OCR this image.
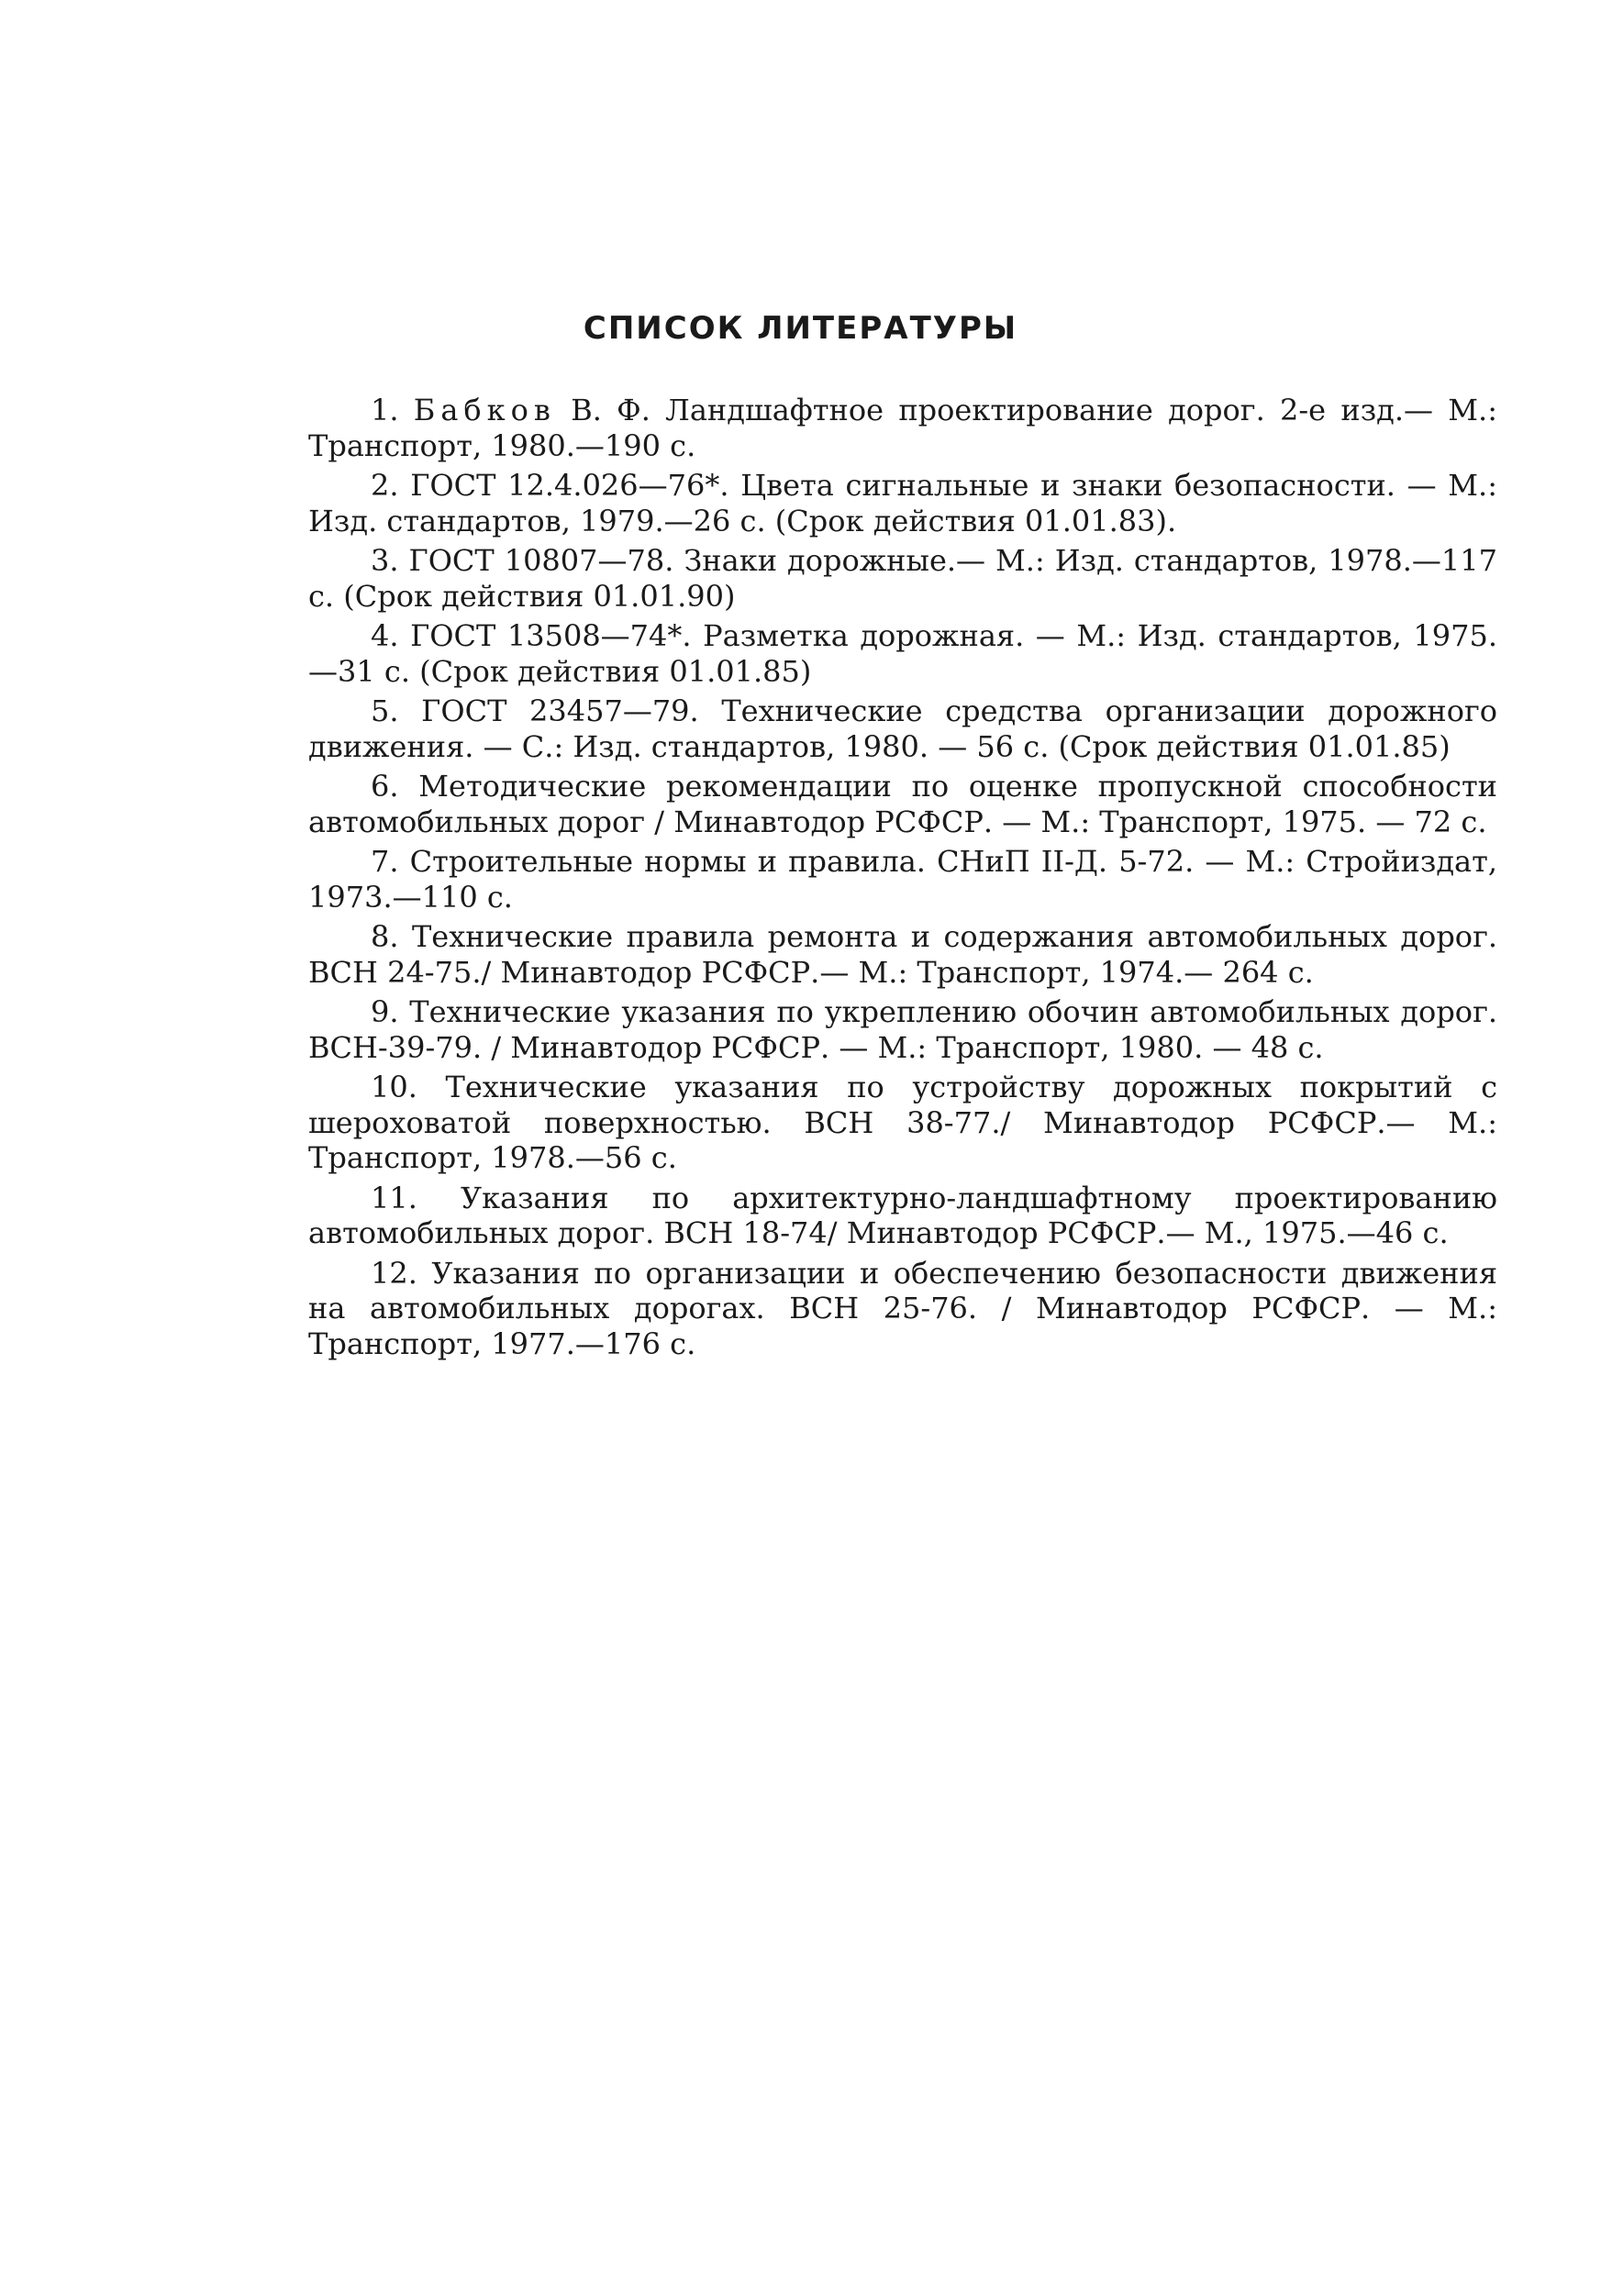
СПИСОК ЛИТЕРАТУРЫ
1. Бабков В. Ф. Ландшафтное проектирование дорог. 2-е изд.— М.: Транспорт, 1980.—190 с.
2. ГОСТ 12.4.026—76*. Цвета сигнальные и знаки безопасности. — М.: Изд. стандартов, 1979.—26 с. (Срок действия 01.01.83).
3. ГОСТ 10807—78. Знаки дорожные.— М.: Изд. стандартов, 1978.—117 с. (Срок действия 01.01.90)
4. ГОСТ 13508—74*. Разметка дорожная. — М.: Изд. стандартов, 1975. —31 с. (Срок действия 01.01.85)
5. ГОСТ 23457—79. Технические средства организации дорожного движения. — С.: Изд. стандартов, 1980. — 56 с. (Срок действия 01.01.85)
6. Методические рекомендации по оценке пропускной способности автомобильных дорог / Минавтодор РСФСР. — М.: Транспорт, 1975. — 72 с.
7. Строительные нормы и правила. СНиП II-Д. 5-72. — М.: Стройиздат, 1973.—110 с.
8. Технические правила ремонта и содержания автомобильных дорог. ВСН 24-75./ Минавтодор РСФСР.— М.: Транспорт, 1974.— 264 с.
9. Технические указания по укреплению обочин автомобильных дорог. ВСН-39-79. / Минавтодор РСФСР. — М.: Транспорт, 1980. — 48 с.
10. Технические указания по устройству дорожных покрытий с шероховатой поверхностью. ВСН 38-77./ Минавтодор РСФСР.— М.: Транспорт, 1978.—56 с.
11. Указания по архитектурно-ландшафтному проектированию автомобильных дорог. ВСН 18-74/ Минавтодор РСФСР.— М., 1975.—46 с.
12. Указания по организации и обеспечению безопасности движения на автомобильных дорогах. ВСН 25-76. / Минавтодор РСФСР. — М.: Транспорт, 1977.—176 с.
